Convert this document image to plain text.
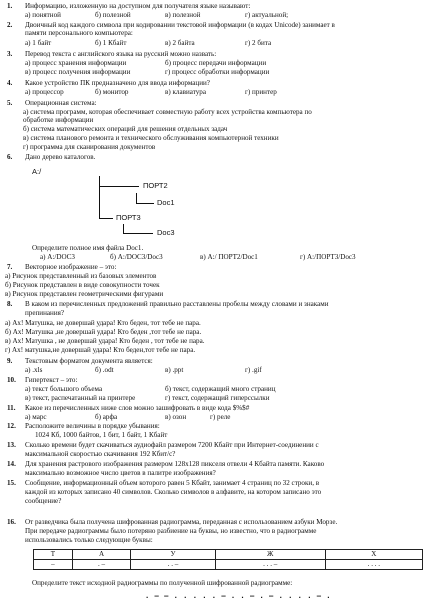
1.	Информацию, изложенную на доступном для получателя языке называют:
а) понятной	б) полезной	в) полезной	г) актуальной;
2.	Двоичный код каждого символа при кодировании текстовой информации (в кодах Unicode) занимает в
памяти персонального компьютера:
а) 1 байт	б) 1 Кбайт	в) 2 байта	г) 2 бита
3.	Перевод текста с английского языка на русский можно назвать:
а) процесс хранения информации	б) процесс передачи информации
в) процесс получения информации	г) процесс обработки информации
4.	Какое устройство ПК предназначено для ввода информации?
а) процессор	б) монитор	в) клавиатура	г) принтер
5.	Операционная система:
а) система программ, которая обеспечивает совместную работу всех устройства компьютера по
обработке информации
б) система математических операций для решения отдельных задач
в) система планового ремонта и технического обслуживания компьютерной техники
г) программа для сканирования документов
6.	Дано дерево каталогов.
A:/
ПОРТ2
Doc1
ПОРТ3
Doc3
Определите полное имя файла Doc1.
а) A:/DOC3	б) A:/DOC3/Doc3	в) A:/ ПОРТ2/Doc1	г) A:/ПОРТ3/Doc3
7.	Векторное изображение – это:
а) Рисунок представленный из базовых элементов
б) Рисунок представлен в виде совокупности точек
в) Рисунок представлен геометрическими фигурами
8.	В каком из перечисленных предложений правильно расставлены пробелы между словами и знаками
препинания?
а) Ах! Матушка, не довершай удара! Кто беден, тот тебе не пара.
б) Ах! Матушка ,не довершай удара! Кто беден ,тот тебе не пара.
в) Ах! Матушка , не довершай удара! Кто беден , тот тебе не пара.
г) Ах! матушка,не довершай удара! Кто беден,тот тебе не пара.
9.	Текстовым форматом документа является:
а) .xls	б) .odt	в) .ppt	г) .gif
10.	Гипертекст – это:
а) текст большого объема	б) текст, содержащий много страниц
в) текст, распечатанный на принтере	г) текст, содержащий гиперссылки
11.	Какое из перечисленных ниже слов можно зашифровать в виде кода $%$#
а) марс	б) арфа	в) озон	г) реле
12.	Расположите величины в порядке убывания:
1024 Кб, 1000 байтов, 1 бит, 1 байт, 1 Кбайт
13.	Сколько времени будет скачиваться аудиофайл размером 7200 Кбайт при Интернет-соединении с
максимальной скоростью скачивания 192 Кбит/с?
14.	Для хранения растрового изображения размером 128x128 пикселя отвели 4 Кбайта памяти. Каково
максимально возможное число цветов в палитре изображения?
15.	Сообщение, информационный объем которого равен 5 Кбайт, занимает 4 страниц по 32 строки, в
каждой из которых записано 40 символов. Сколько символов в алфавите, на котором записано это
сообщение?
16.	От разведчика была получена шифрованная радиограмма, переданная с использованием азбуки Морзе.
При передаче радиограммы было потеряно разбиение на буквы, но известно, что в радиограмме
использовались только следующие буквы:
Т	А	У	Ж	Х
–	. –	. . –	. . . –	. . . .
Определите текст исходной радиограммы по полученной шифрованной радиограмме:
. – – . . . . . – . . – . – . . . . – .
